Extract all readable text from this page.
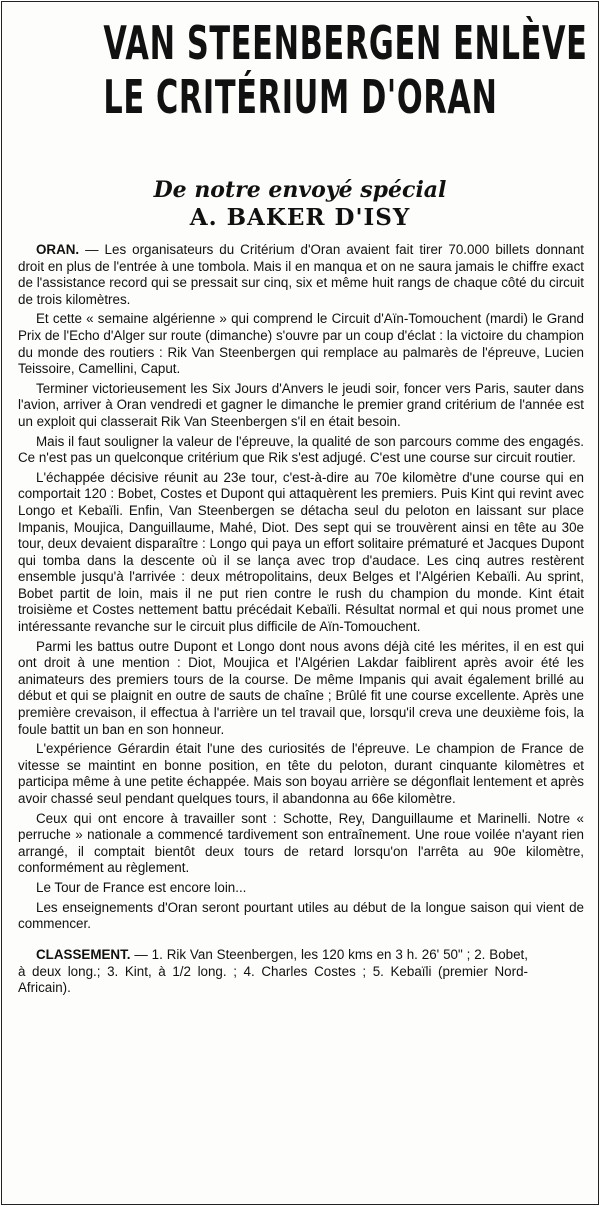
VAN STEENBERGEN ENLÈVE
LE CRITÉRIUM D'ORAN
De notre envoyé spécial
A. BAKER D'ISY

ORAN. — Les organisateurs du Critérium d'Oran avaient fait tirer 70.000 billets donnant droit en plus de l'entrée à une tombola. Mais il en manqua et on ne saura jamais le chiffre exact de l'assistance record qui se pressait sur cinq, six et même huit rangs de chaque côté du circuit de trois kilomètres.

Et cette « semaine algérienne » qui comprend le Circuit d'Aïn-Tomouchent (mardi) le Grand Prix de l'Echo d'Alger sur route (dimanche) s'ouvre par un coup d'éclat : la victoire du champion du monde des routiers : Rik Van Steenbergen qui remplace au palmarès de l'épreuve, Lucien Teissoire, Camellini, Caput.

Terminer victorieusement les Six Jours d'Anvers le jeudi soir, foncer vers Paris, sauter dans l'avion, arriver à Oran vendredi et gagner le dimanche le premier grand critérium de l'année est un exploit qui classerait Rik Van Steenbergen s'il en était besoin.

Mais il faut souligner la valeur de l'épreuve, la qualité de son parcours comme des engagés. Ce n'est pas un quelconque critérium que Rik s'est adjugé. C'est une course sur circuit routier.

L'échappée décisive réunit au 23e tour, c'est-à-dire au 70e kilomètre d'une course qui en comportait 120 : Bobet, Costes et Dupont qui attaquèrent les premiers. Puis Kint qui revint avec Longo et Kebaïli. Enfin, Van Steenbergen se détacha seul du peloton en laissant sur place Impanis, Moujica, Danguillaume, Mahé, Diot. Des sept qui se trouvèrent ainsi en tête au 30e tour, deux devaient disparaître : Longo qui paya un effort solitaire prématuré et Jacques Dupont qui tomba dans la descente où il se lança avec trop d'audace. Les cinq autres restèrent ensemble jusqu'à l'arrivée : deux métropolitains, deux Belges et l'Algérien Kebaïli. Au sprint, Bobet partit de loin, mais il ne put rien contre le rush du champion du monde. Kint était troisième et Costes nettement battu précédait Kebaïli. Résultat normal et qui nous promet une intéressante revanche sur le circuit plus difficile de Aïn-Tomouchent.

Parmi les battus outre Dupont et Longo dont nous avons déjà cité les mérites, il en est qui ont droit à une mention : Diot, Moujica et l'Algérien Lakdar faiblirent après avoir été les animateurs des premiers tours de la course. De même Impanis qui avait également brillé au début et qui se plaignit en outre de sauts de chaîne ; Brûlé fit une course excellente. Après une première crevaison, il effectua à l'arrière un tel travail que, lorsqu'il creva une deuxième fois, la foule battit un ban en son honneur.

L'expérience Gérardin était l'une des curiosités de l'épreuve. Le champion de France de vitesse se maintint en bonne position, en tête du peloton, durant cinquante kilomètres et participa même à une petite échappée. Mais son boyau arrière se dégonflait lentement et après avoir chassé seul pendant quelques tours, il abandonna au 66e kilomètre.

Ceux qui ont encore à travailler sont : Schotte, Rey, Danguillaume et Marinelli. Notre « perruche » nationale a commencé tardivement son entraînement. Une roue voilée n'ayant rien arrangé, il comptait bientôt deux tours de retard lorsqu'on l'arrêta au 90e kilomètre, conformément au règlement.

Le Tour de France est encore loin...

Les enseignements d'Oran seront pourtant utiles au début de la longue saison qui vient de commencer.

CLASSEMENT. — 1. Rik Van Steenbergen, les 120 kms en 3 h. 26' 50" ; 2. Bobet, à deux long.; 3. Kint, à 1/2 long. ; 4. Charles Costes ; 5. Kebaïli (premier Nord-Africain).
